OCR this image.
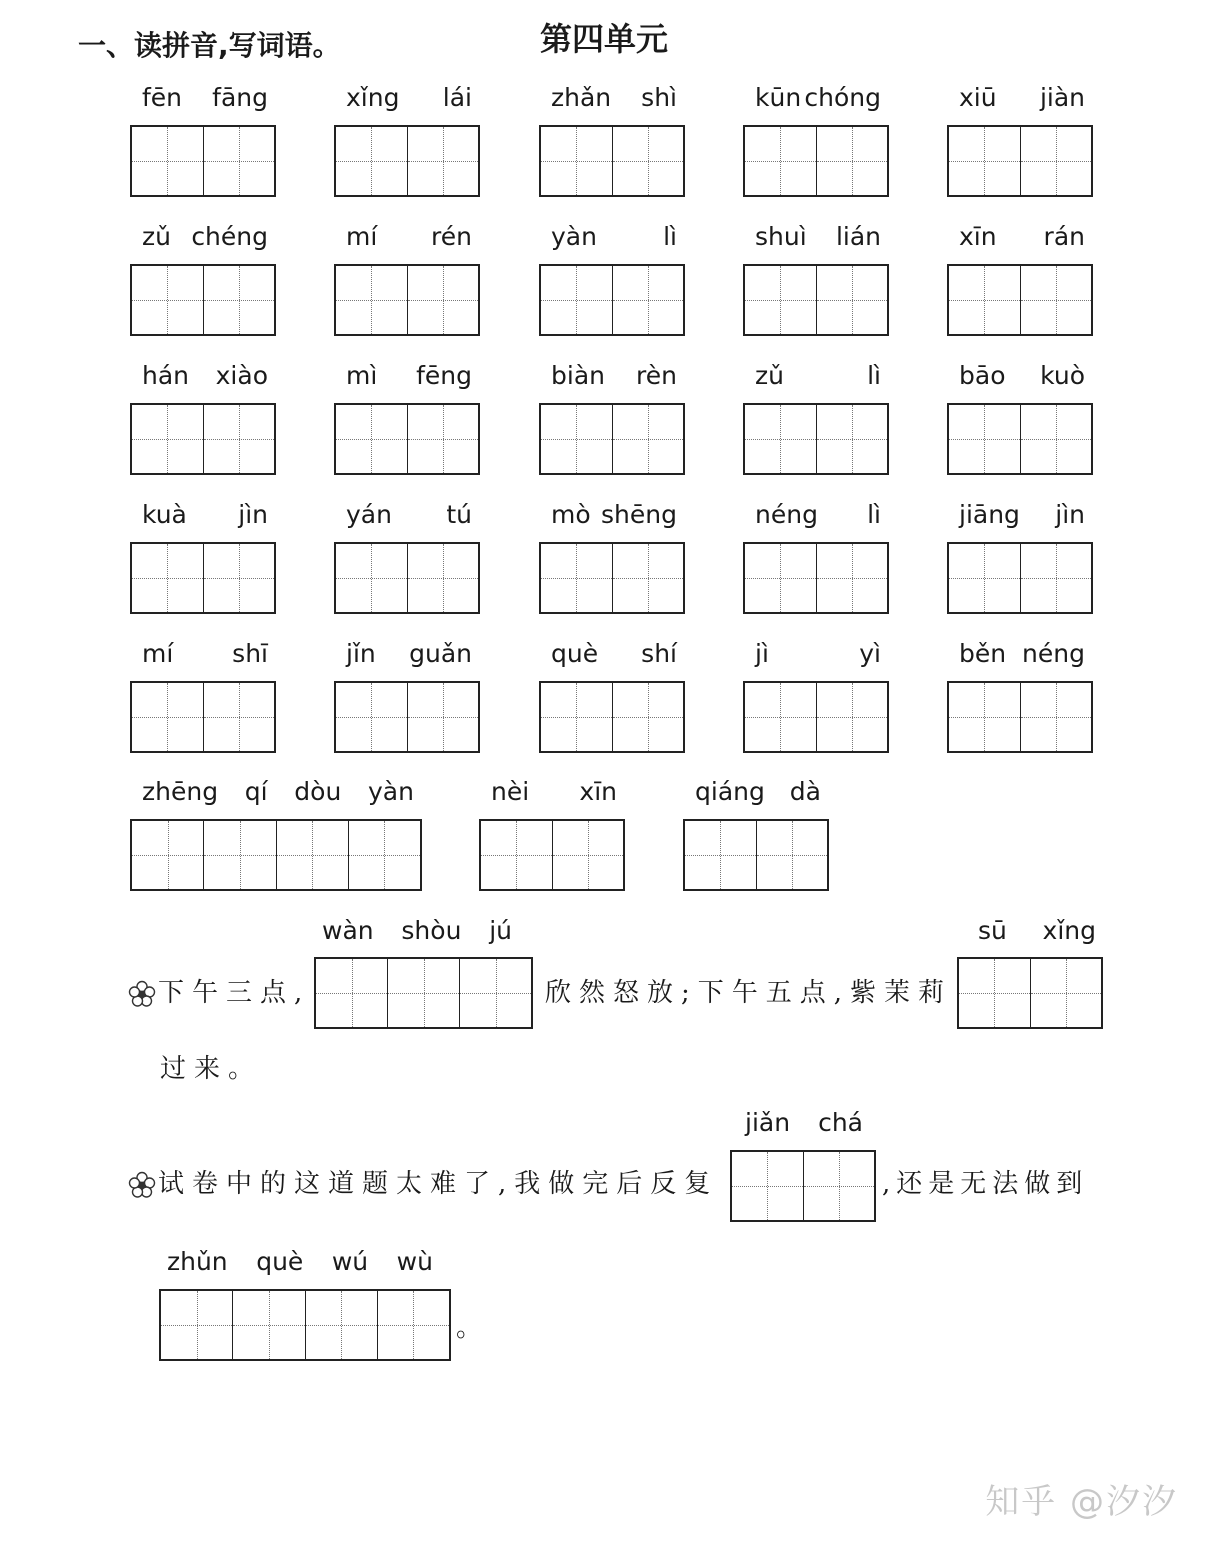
一、读拼音,写词语。	第四单元
fēn fāng	xǐng lái	zhǎn shì	kūn chóng	xiū jiàn
zǔ chéng	mí rén	yàn	lì	shuì lián	xīn rán
hán xiào	mì fēng	biàn rèn	zǔ	lì	bāo kuò
kuà jìn	yán tú	mò shēng	néng lì	jiāng jìn
mí shī	jǐn guǎn	què shí	jì	yì	běn néng
zhēng qí dòu yàn	nèi xīn	qiáng dà
wàn shòu jú	sū xǐng
下午三点,	欣然怒放;下午五点,紫茉莉
过来。
jiǎn chá
试卷中的这道题太难了,我做完后反复	,还是无法做到
zhǔn què wú wù
。
知乎 @汐汐
